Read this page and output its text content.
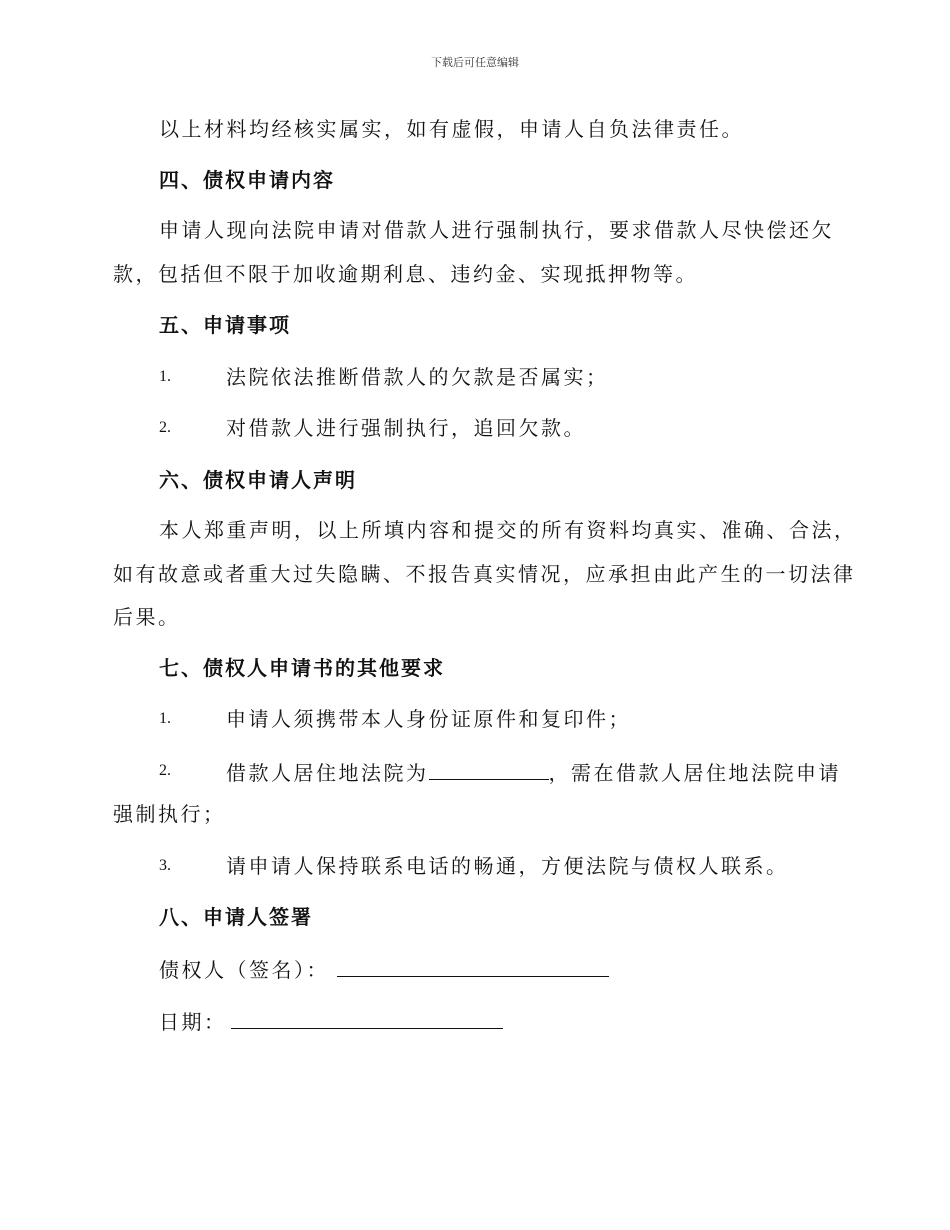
下载后可任意编辑
以上材料均经核实属实，如有虚假，申请人自负法律责任。
四、债权申请内容
申请人现向法院申请对借款人进行强制执行，要求借款人尽快偿还欠
款，包括但不限于加收逾期利息、违约金、实现抵押物等。
五、申请事项
1.	法院依法推断借款人的欠款是否属实；
2.	对借款人进行强制执行，追回欠款。
六、债权申请人声明
本人郑重声明，以上所填内容和提交的所有资料均真实、准确、合法，
如有故意或者重大过失隐瞒、不报告真实情况，应承担由此产生的一切法律
后果。
七、债权人申请书的其他要求
1.	申请人须携带本人身份证原件和复印件；
2.	借款人居住地法院为	，需在借款人居住地法院申请
强制执行；
3.	请申请人保持联系电话的畅通，方便法院与债权人联系。
八、申请人签署
债权人（签名）：
日期：
